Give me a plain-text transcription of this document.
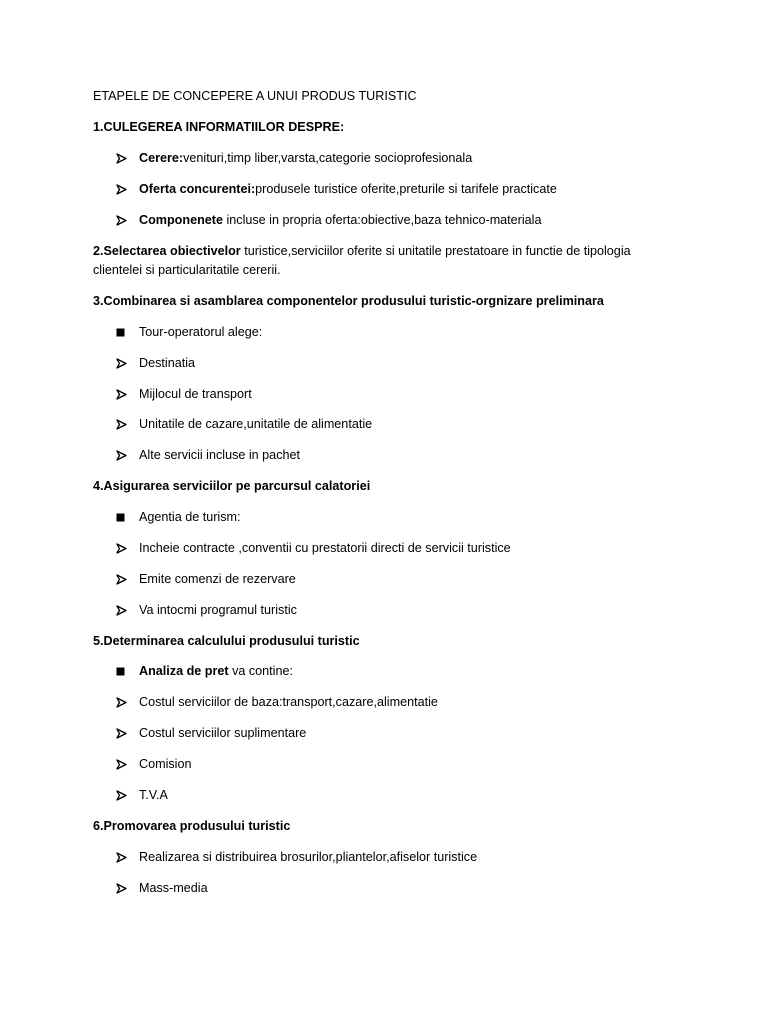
ETAPELE DE CONCEPERE A UNUI PRODUS TURISTIC
1.CULEGEREA INFORMATIILOR DESPRE:
Cerere:venituri,timp liber,varsta,categorie socioprofesionala
Oferta concurentei:produsele turistice oferite,preturile si tarifele practicate
Componenete incluse in propria oferta:obiective,baza tehnico-materiala
2.Selectarea obiectivelor turistice,serviciilor oferite si unitatile prestatoare in functie de tipologia clientelei si particularitatile cererii.
3.Combinarea si asamblarea componentelor produsului turistic-orgnizare preliminara
Tour-operatorul alege:
Destinatia
Mijlocul de transport
Unitatile de cazare,unitatile de alimentatie
Alte servicii incluse in pachet
4.Asigurarea serviciilor pe parcursul calatoriei
Agentia de turism:
Incheie contracte ,conventii cu prestatorii directi de servicii turistice
Emite comenzi de rezervare
Va intocmi programul turistic
5.Determinarea calculului produsului turistic
Analiza de pret va contine:
Costul serviciilor de baza:transport,cazare,alimentatie
Costul serviciilor suplimentare
Comision
T.V.A
6.Promovarea produsului turistic
Realizarea si distribuirea brosurilor,pliantelor,afiselor turistice
Mass-media
